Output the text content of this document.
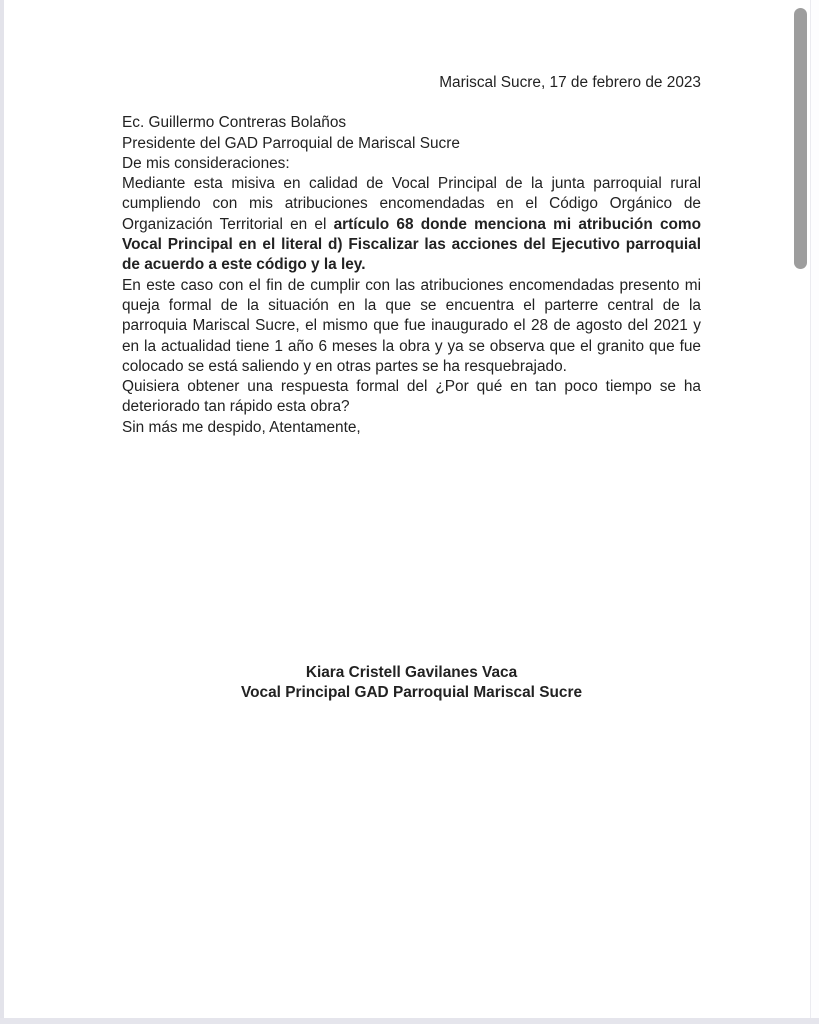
Mariscal Sucre, 17 de febrero de 2023

Ec. Guillermo Contreras Bolaños

Presidente del GAD Parroquial de Mariscal Sucre

De mis consideraciones:

Mediante esta misiva en calidad de Vocal Principal de la junta parroquial rural cumpliendo con mis atribuciones encomendadas en el Código Orgánico de Organización Territorial en el artículo 68 donde menciona mi atribución como Vocal Principal en el literal d) Fiscalizar las acciones del Ejecutivo parroquial de acuerdo a este código y la ley.

En este caso con el fin de cumplir con las atribuciones encomendadas presento mi queja formal de la situación en la que se encuentra el parterre central de la parroquia Mariscal Sucre, el mismo que fue inaugurado el 28 de agosto del 2021 y en la actualidad tiene 1 año 6 meses la obra y ya se observa que el granito que fue colocado se está saliendo y en otras partes se ha resquebrajado.

Quisiera obtener una respuesta formal del ¿Por qué en tan poco tiempo se ha deteriorado tan rápido esta obra?

Sin más me despido, Atentamente,

Kiara Cristell Gavilanes Vaca

Vocal Principal GAD Parroquial Mariscal Sucre
